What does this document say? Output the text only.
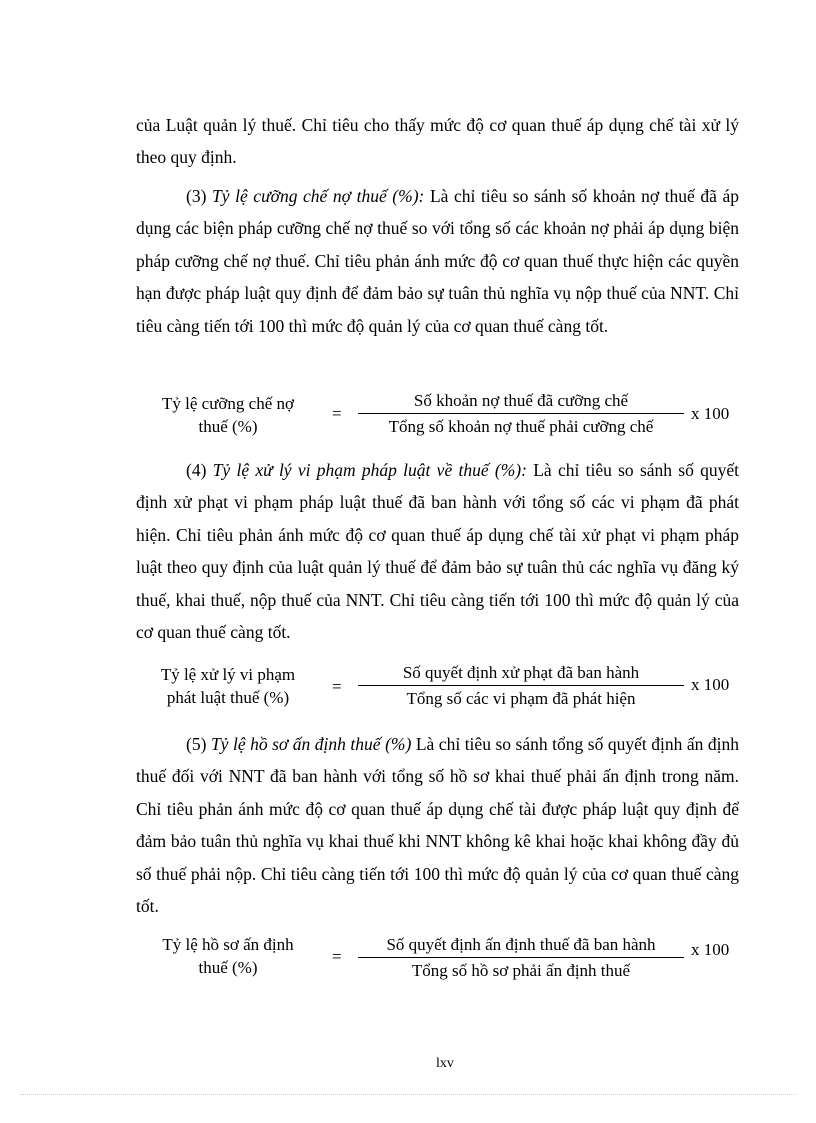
của Luật quản lý thuế. Chỉ tiêu cho thấy mức độ cơ quan thuế áp dụng chế tài xử lý theo quy định.

(3) Tỷ lệ cưỡng chế nợ thuế (%): Là chỉ tiêu so sánh số khoản nợ thuế đã áp dụng các biện pháp cưỡng chế nợ thuế so với tổng số các khoản nợ phải áp dụng biện pháp cưỡng chế nợ thuế. Chỉ tiêu phản ánh mức độ cơ quan thuế thực hiện các quyền hạn được pháp luật quy định để đảm bảo sự tuân thủ nghĩa vụ nộp thuế của NNT. Chỉ tiêu càng tiến tới 100 thì mức độ quản lý của cơ quan thuế càng tốt.

Tỷ lệ cưỡng chế nợ
thuế (%)
=
Số khoản nợ thuế đã cưỡng chế
Tổng số khoản nợ thuế phải cưỡng chế
x 100

(4) Tỷ lệ xử lý vi phạm pháp luật về thuế (%): Là chỉ tiêu so sánh số quyết định xử phạt vi phạm pháp luật thuế đã ban hành với tổng số các vi phạm đã phát hiện. Chỉ tiêu phản ánh mức độ cơ quan thuế áp dụng chế tài xử phạt vi phạm pháp luật theo quy định của luật quản lý thuế để đảm bảo sự tuân thủ các nghĩa vụ đăng ký thuế, khai thuế, nộp thuế của NNT. Chỉ tiêu càng tiến tới 100 thì mức độ quản lý của cơ quan thuế càng tốt.

Tỷ lệ xử lý vi phạm
phát luật thuế (%)
=
Số quyết định xử phạt đã ban hành
Tổng số các vi phạm đã phát hiện
x 100

(5) Tỷ lệ hồ sơ ấn định thuế (%) Là chỉ tiêu so sánh tổng số quyết định ấn định thuế đối với NNT đã ban hành với tổng số hồ sơ khai thuế phải ấn định trong năm. Chỉ tiêu phản ánh mức độ cơ quan thuế áp dụng chế tài được pháp luật quy định để đảm bảo tuân thủ nghĩa vụ khai thuế khi NNT không kê khai hoặc khai không đầy đủ số thuế phải nộp. Chỉ tiêu càng tiến tới 100 thì mức độ quản lý của cơ quan thuế càng tốt.

Tỷ lệ hồ sơ ấn định
thuế (%)
=
Số quyết định ấn định thuế đã ban hành
Tổng số hồ sơ phải ấn định thuế
x 100
lxv
